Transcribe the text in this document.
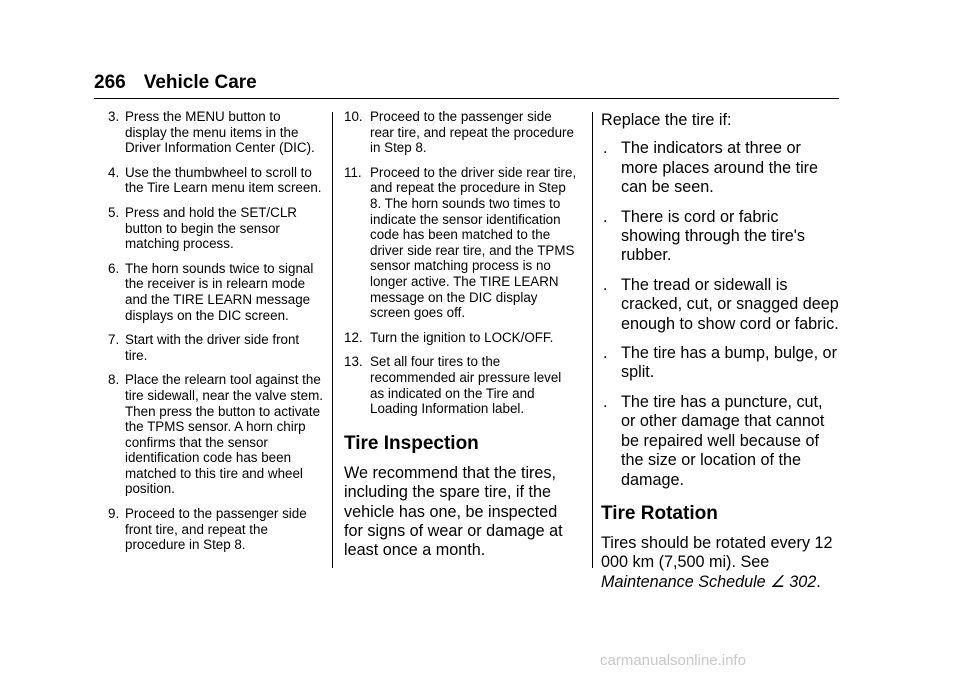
266 Vehicle Care
3. Press the MENU button to display the menu items in the Driver Information Center (DIC).
4. Use the thumbwheel to scroll to the Tire Learn menu item screen.
5. Press and hold the SET/CLR button to begin the sensor matching process.
6. The horn sounds twice to signal the receiver is in relearn mode and the TIRE LEARN message displays on the DIC screen.
7. Start with the driver side front tire.
8. Place the relearn tool against the tire sidewall, near the valve stem. Then press the button to activate the TPMS sensor. A horn chirp confirms that the sensor identification code has been matched to this tire and wheel position.
9. Proceed to the passenger side front tire, and repeat the procedure in Step 8.
10. Proceed to the passenger side rear tire, and repeat the procedure in Step 8.
11. Proceed to the driver side rear tire, and repeat the procedure in Step 8. The horn sounds two times to indicate the sensor identification code has been matched to the driver side rear tire, and the TPMS sensor matching process is no longer active. The TIRE LEARN message on the DIC display screen goes off.
12. Turn the ignition to LOCK/OFF.
13. Set all four tires to the recommended air pressure level as indicated on the Tire and Loading Information label.
Tire Inspection
We recommend that the tires, including the spare tire, if the vehicle has one, be inspected for signs of wear or damage at least once a month.
Replace the tire if:
. The indicators at three or more places around the tire can be seen.
. There is cord or fabric showing through the tire's rubber.
. The tread or sidewall is cracked, cut, or snagged deep enough to show cord or fabric.
. The tire has a bump, bulge, or split.
. The tire has a puncture, cut, or other damage that cannot be repaired well because of the size or location of the damage.
Tire Rotation
Tires should be rotated every 12 000 km (7,500 mi). See Maintenance Schedule ∠ 302.
carmanualsonline.info
